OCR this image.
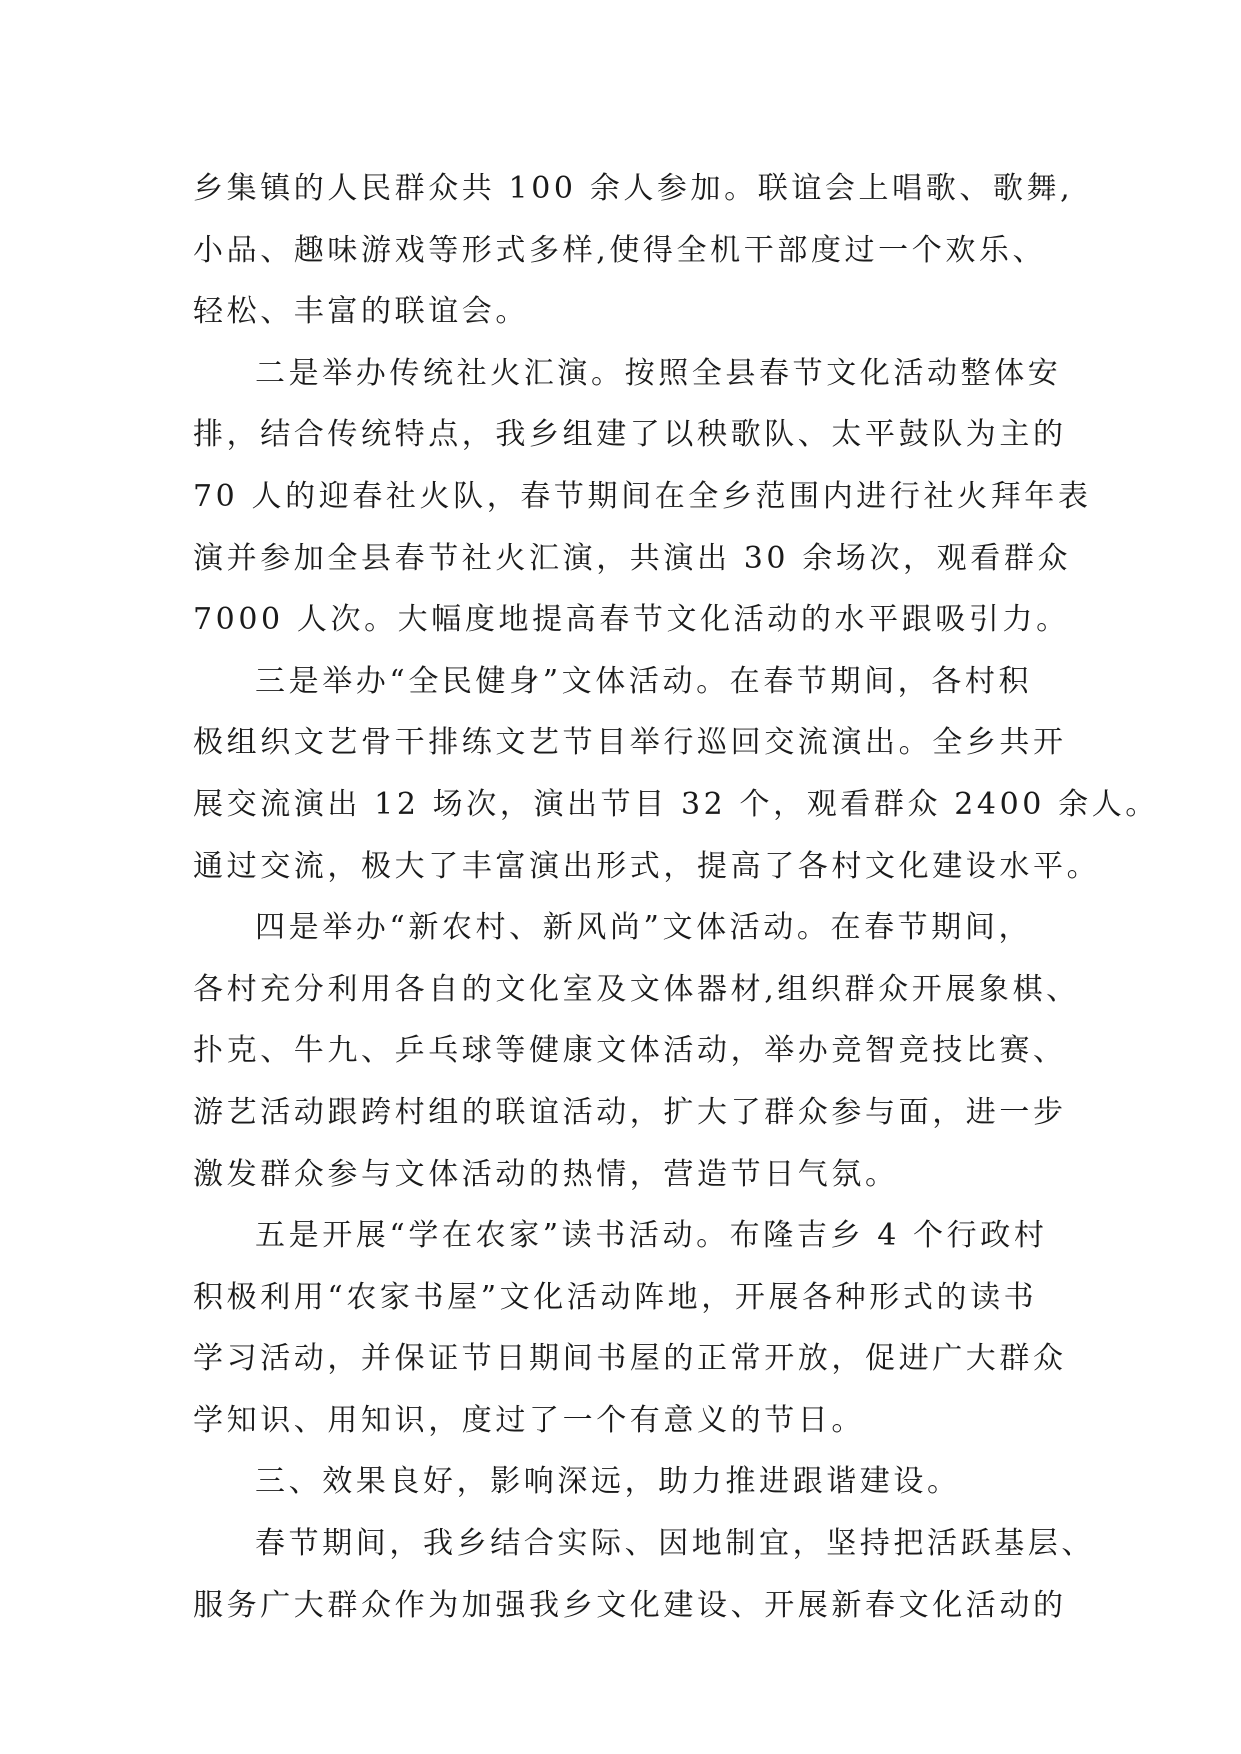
乡集镇的人民群众共 100 余人参加。联谊会上唱歌、歌舞,
小品、趣味游戏等形式多样,使得全机干部度过一个欢乐、
轻松、丰富的联谊会。
二是举办传统社火汇演。按照全县春节文化活动整体安
排，结合传统特点，我乡组建了以秧歌队、太平鼓队为主的
70 人的迎春社火队，春节期间在全乡范围内进行社火拜年表
演并参加全县春节社火汇演，共演出 30 余场次，观看群众
7000 人次。大幅度地提高春节文化活动的水平跟吸引力。
三是举办“全民健身”文体活动。在春节期间，各村积
极组织文艺骨干排练文艺节目举行巡回交流演出。全乡共开
展交流演出 12 场次，演出节目 32 个，观看群众 2400 余人。
通过交流，极大了丰富演出形式，提高了各村文化建设水平。
四是举办“新农村、新风尚”文体活动。在春节期间，
各村充分利用各自的文化室及文体器材,组织群众开展象棋、
扑克、牛九、乒乓球等健康文体活动，举办竞智竞技比赛、
游艺活动跟跨村组的联谊活动，扩大了群众参与面，进一步
激发群众参与文体活动的热情，营造节日气氛。
五是开展“学在农家”读书活动。布隆吉乡 4 个行政村
积极利用“农家书屋”文化活动阵地，开展各种形式的读书
学习活动，并保证节日期间书屋的正常开放，促进广大群众
学知识、用知识，度过了一个有意义的节日。
三、效果良好，影响深远，助力推进跟谐建设。
春节期间，我乡结合实际、因地制宜，坚持把活跃基层、
服务广大群众作为加强我乡文化建设、开展新春文化活动的
